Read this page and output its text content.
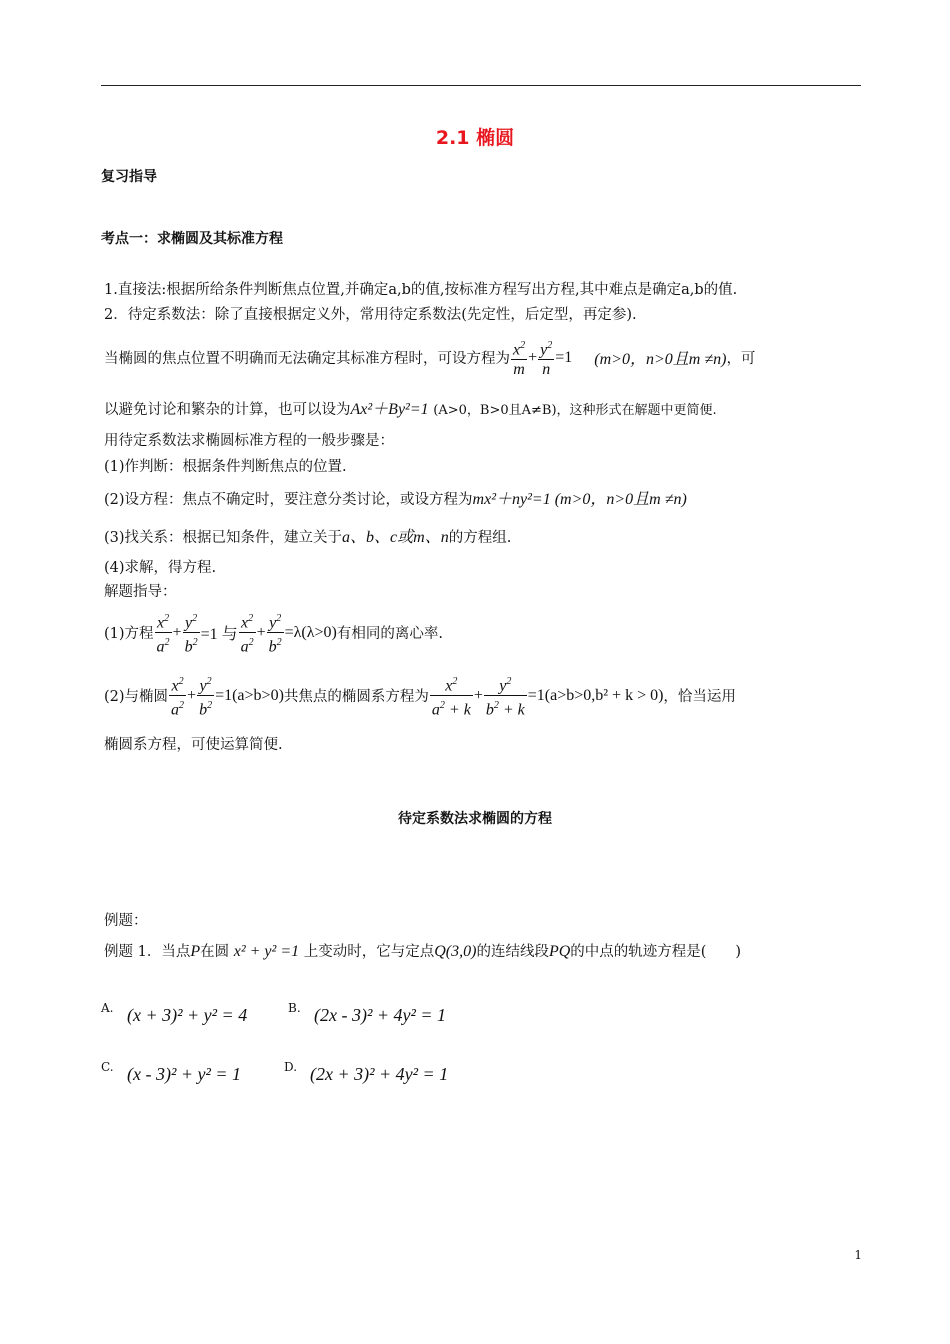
2.1 椭圆
复习指导
考点一：求椭圆及其标准方程
1.直接法:根据所给条件判断焦点位置,并确定a,b的值,按标准方程写出方程,其中难点是确定a,b的值.
2．待定系数法：除了直接根据定义外，常用待定系数法(先定性，后定型，再定参).
当椭圆的焦点位置不明确而无法确定其标准方程时，可设方程为 $\frac{x^2}{m} + \frac{y^2}{n} =1$ (m>0，n>0且m ≠n) ，可
以避免讨论和繁杂的计算，也可以设为Ax²＋By²=1 (A>0，B>0且A≠B)，这种形式在解题中更简便.
用待定系数法求椭圆标准方程的一般步骤是：
(1)作判断：根据条件判断焦点的位置.
(2)设方程：焦点不确定时，要注意分类讨论，或设方程为mx²＋ny²=1 (m>0，n>0且m ≠n)
(3)找关系：根据已知条件，建立关于a、b、c或m、n的方程组.
(4)求解，得方程.
解题指导：
(1)方程 $\frac{x^2}{a^2} + \frac{y^2}{b^2} =1$ 与 $\frac{x^2}{a^2} + \frac{y^2}{b^2} =\lambda(\lambda>0)$ 有相同的离心率.
(2)与椭圆 $\frac{x^2}{a^2} + \frac{y^2}{b^2} =1(a>b>0)$ 共焦点的椭圆系方程为 $\frac{x^2}{a^2 + k} + \frac{y^2}{b^2 + k} =1(a>b>0,b^2 + k > 0)$ ，恰当运用
椭圆系方程，可使运算简便.
待定系数法求椭圆的方程
例题：
例题 1．当点P在圆 x² + y² =1 上变动时，它与定点Q(3,0)的连结线段PQ的中点的轨迹方程是(　　)
A. (x + 3)² + y² = 4	B. (2x - 3)² + 4y² = 1
C. (x - 3)² + y² = 1	D. (2x + 3)² + 4y² = 1
1
